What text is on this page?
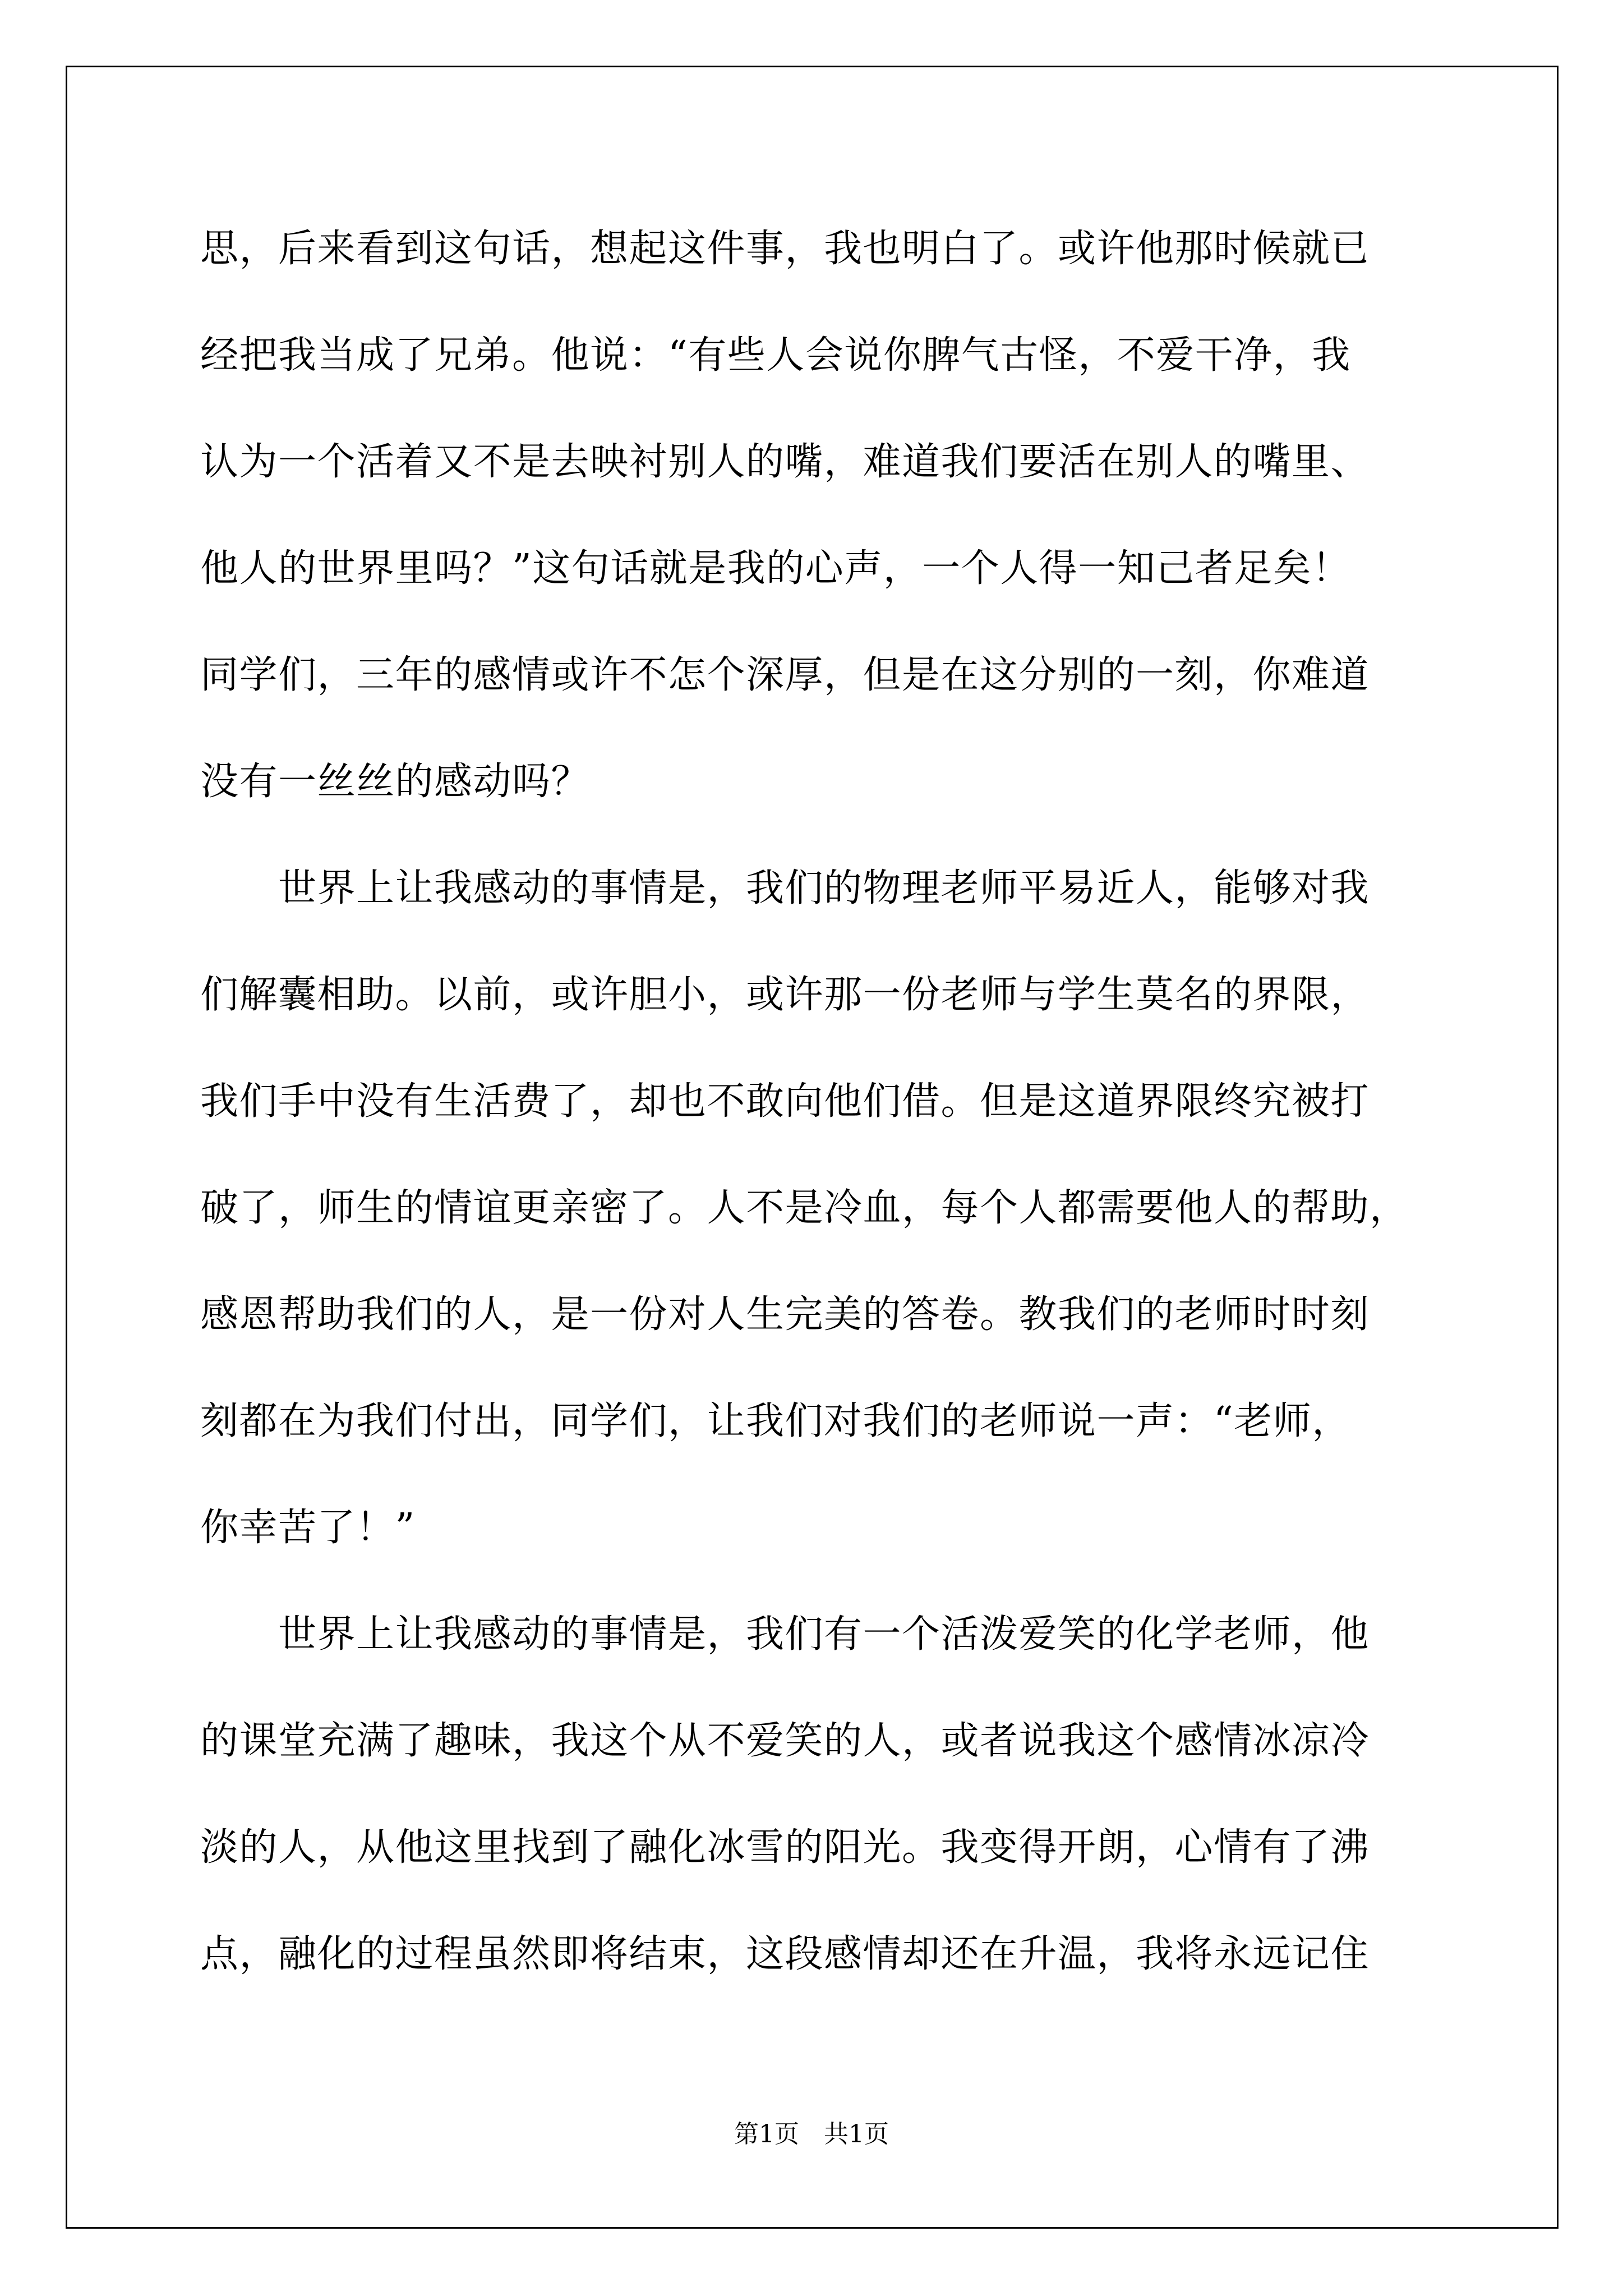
思，后来看到这句话，想起这件事，我也明白了。或许他那时候就已
经把我当成了兄弟。他说：“有些人会说你脾气古怪，不爱干净，我
认为一个活着又不是去映衬别人的嘴，难道我们要活在别人的嘴里、
他人的世界里吗？”这句话就是我的心声，一个人得一知己者足矣！
同学们，三年的感情或许不怎个深厚，但是在这分别的一刻，你难道
没有一丝丝的感动吗？
　　世界上让我感动的事情是，我们的物理老师平易近人，能够对我
们解囊相助。以前，或许胆小，或许那一份老师与学生莫名的界限，
我们手中没有生活费了，却也不敢向他们借。但是这道界限终究被打
破了，师生的情谊更亲密了。人不是冷血，每个人都需要他人的帮助，
感恩帮助我们的人，是一份对人生完美的答卷。教我们的老师时时刻
刻都在为我们付出，同学们，让我们对我们的老师说一声：“老师，
你幸苦了！”
　　世界上让我感动的事情是，我们有一个活泼爱笑的化学老师，他
的课堂充满了趣味，我这个从不爱笑的人，或者说我这个感情冰凉冷
淡的人，从他这里找到了融化冰雪的阳光。我变得开朗，心情有了沸
点，融化的过程虽然即将结束，这段感情却还在升温，我将永远记住
第1页　共1页
